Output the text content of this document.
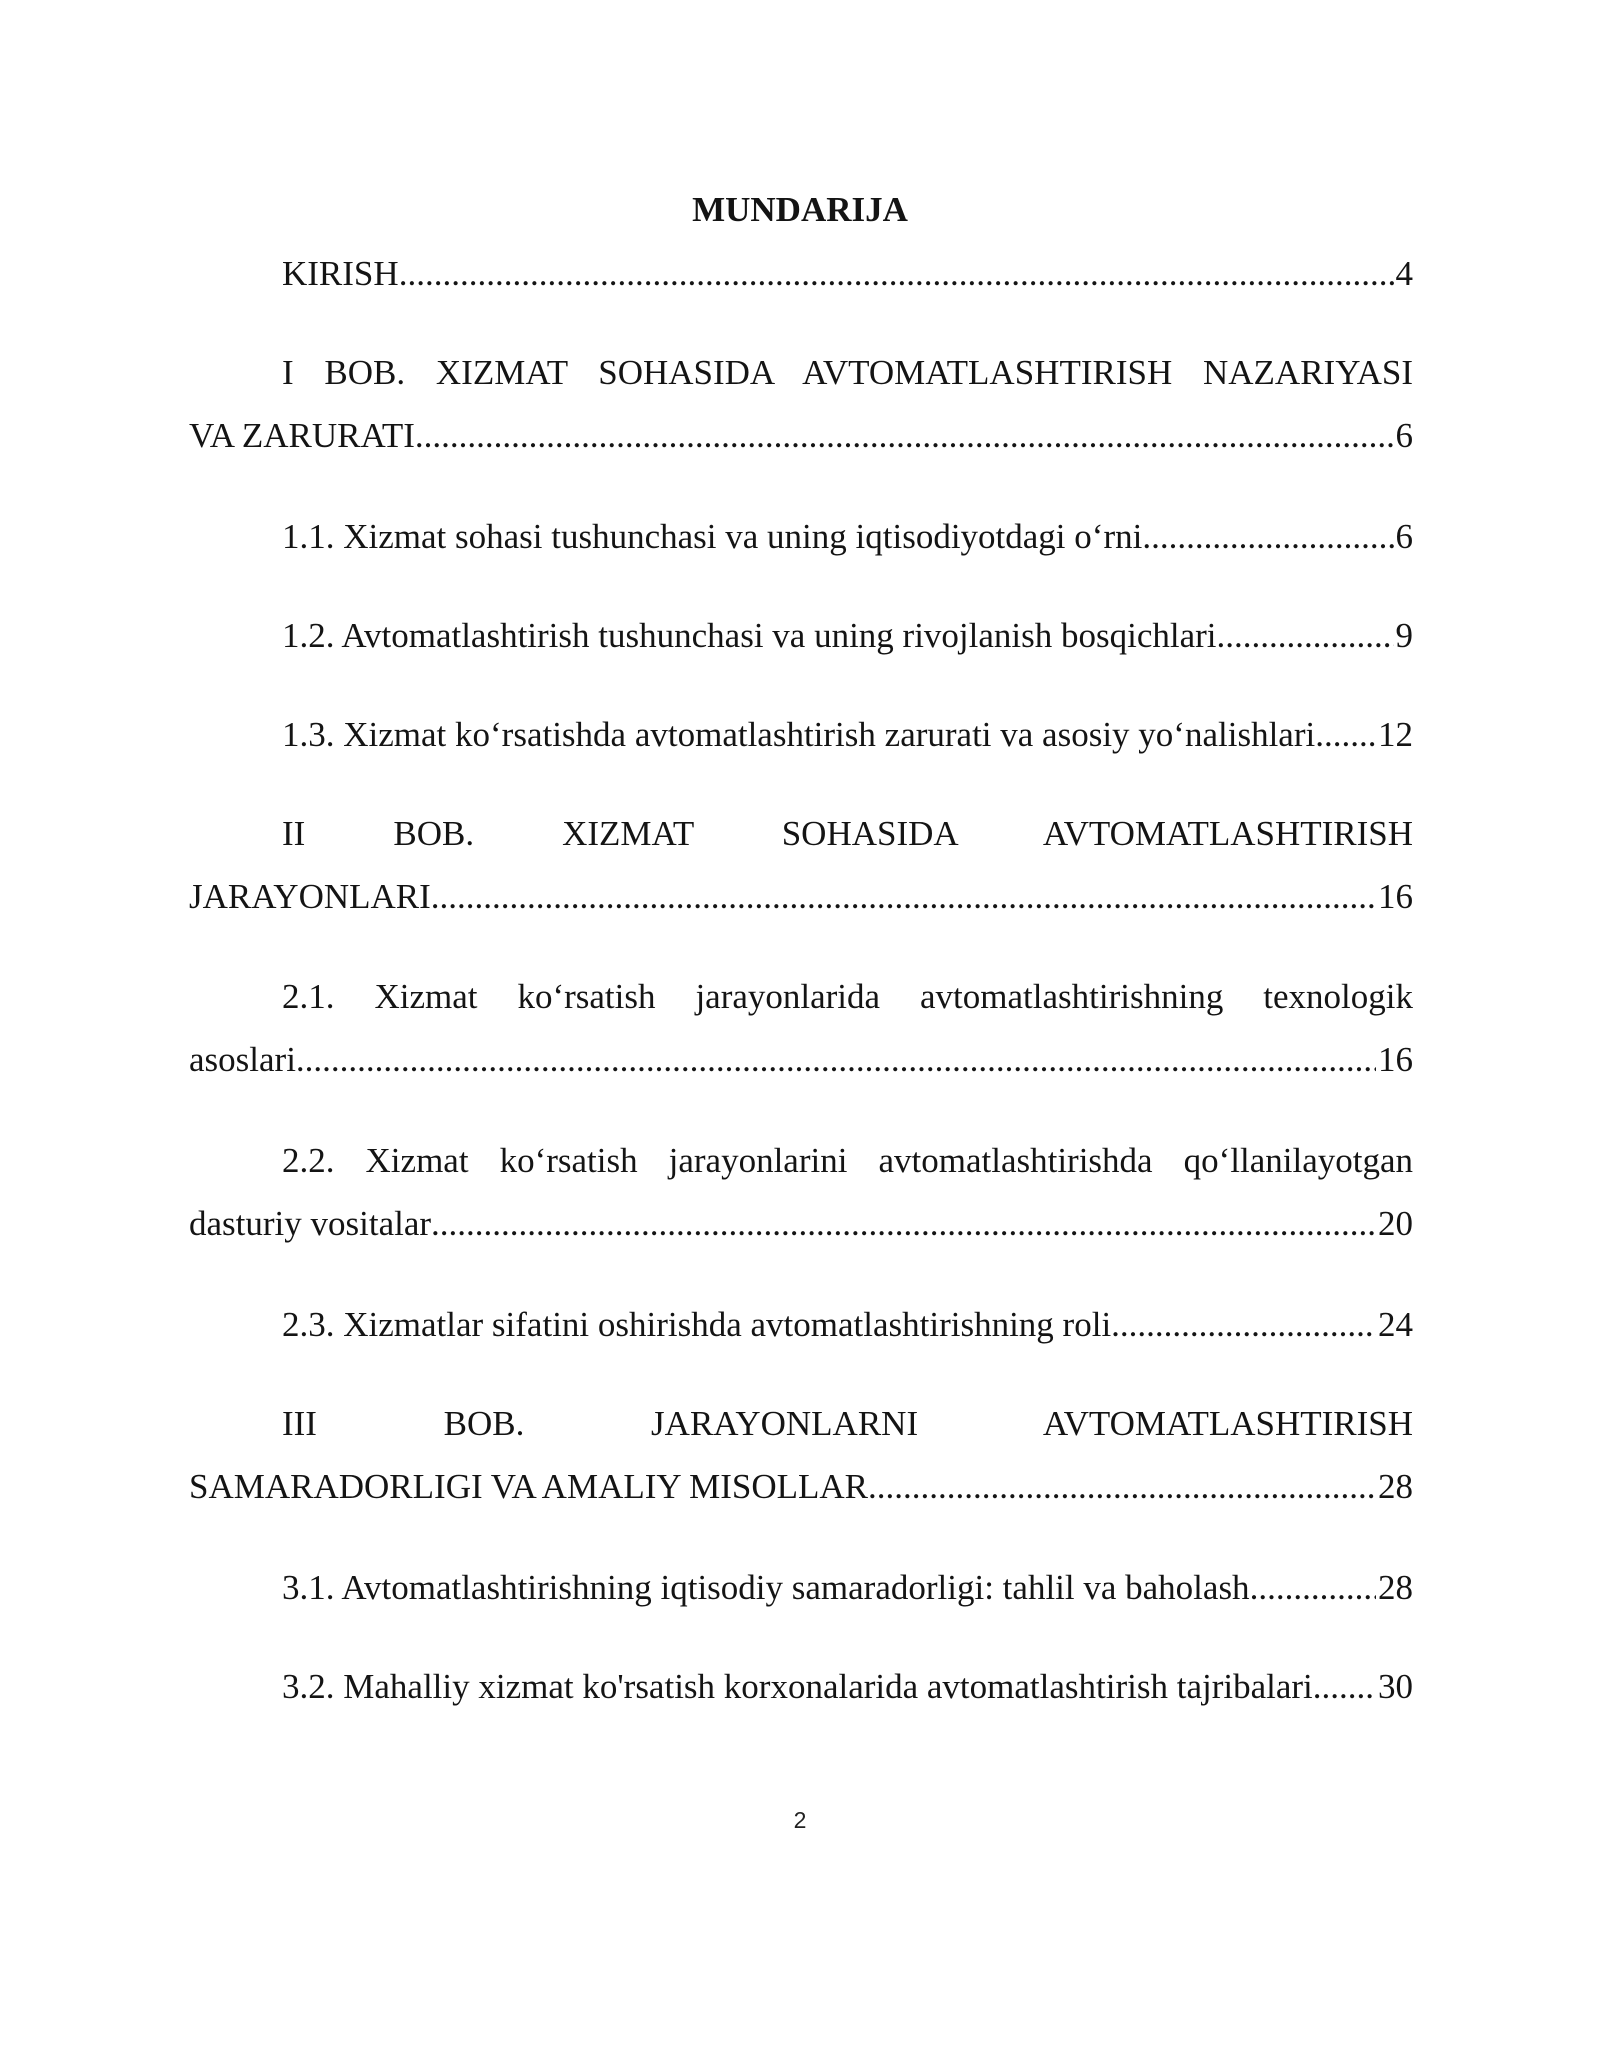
MUNDARIJA
KIRISH .....	4
I BOB. XIZMAT SOHASIDA AVTOMATLASHTIRISH NAZARIYASI
VA ZARURATI .....	6
1.1. Xizmat sohasi tushunchasi va uning iqtisodiyotdagi o‘rni .....	6
1.2. Avtomatlashtirish tushunchasi va uning rivojlanish bosqichlari .....	9
1.3. Xizmat ko‘rsatishda avtomatlashtirish zarurati va asosiy yo‘nalishlari. ..... 12
II BOB. XIZMAT SOHASIDA AVTOMATLASHTIRISH
JARAYONLARI .....	16
2.1. Xizmat ko‘rsatish jarayonlarida avtomatlashtirishning texnologik
asoslari .....	16
2.2. Xizmat ko‘rsatish jarayonlarini avtomatlashtirishda qo‘llanilayotgan
dasturiy vositalar .....	20
2.3. Xizmatlar sifatini oshirishda avtomatlashtirishning roli .....	24
III BOB. JARAYONLARNI AVTOMATLASHTIRISH
SAMARADORLIGI VA AMALIY MISOLLAR .....	28
3.1. Avtomatlashtirishning iqtisodiy samaradorligi: tahlil va baholash .....	28
3.2. Mahalliy xizmat ko'rsatish korxonalarida avtomatlashtirish tajribalari. ..... 30
2
